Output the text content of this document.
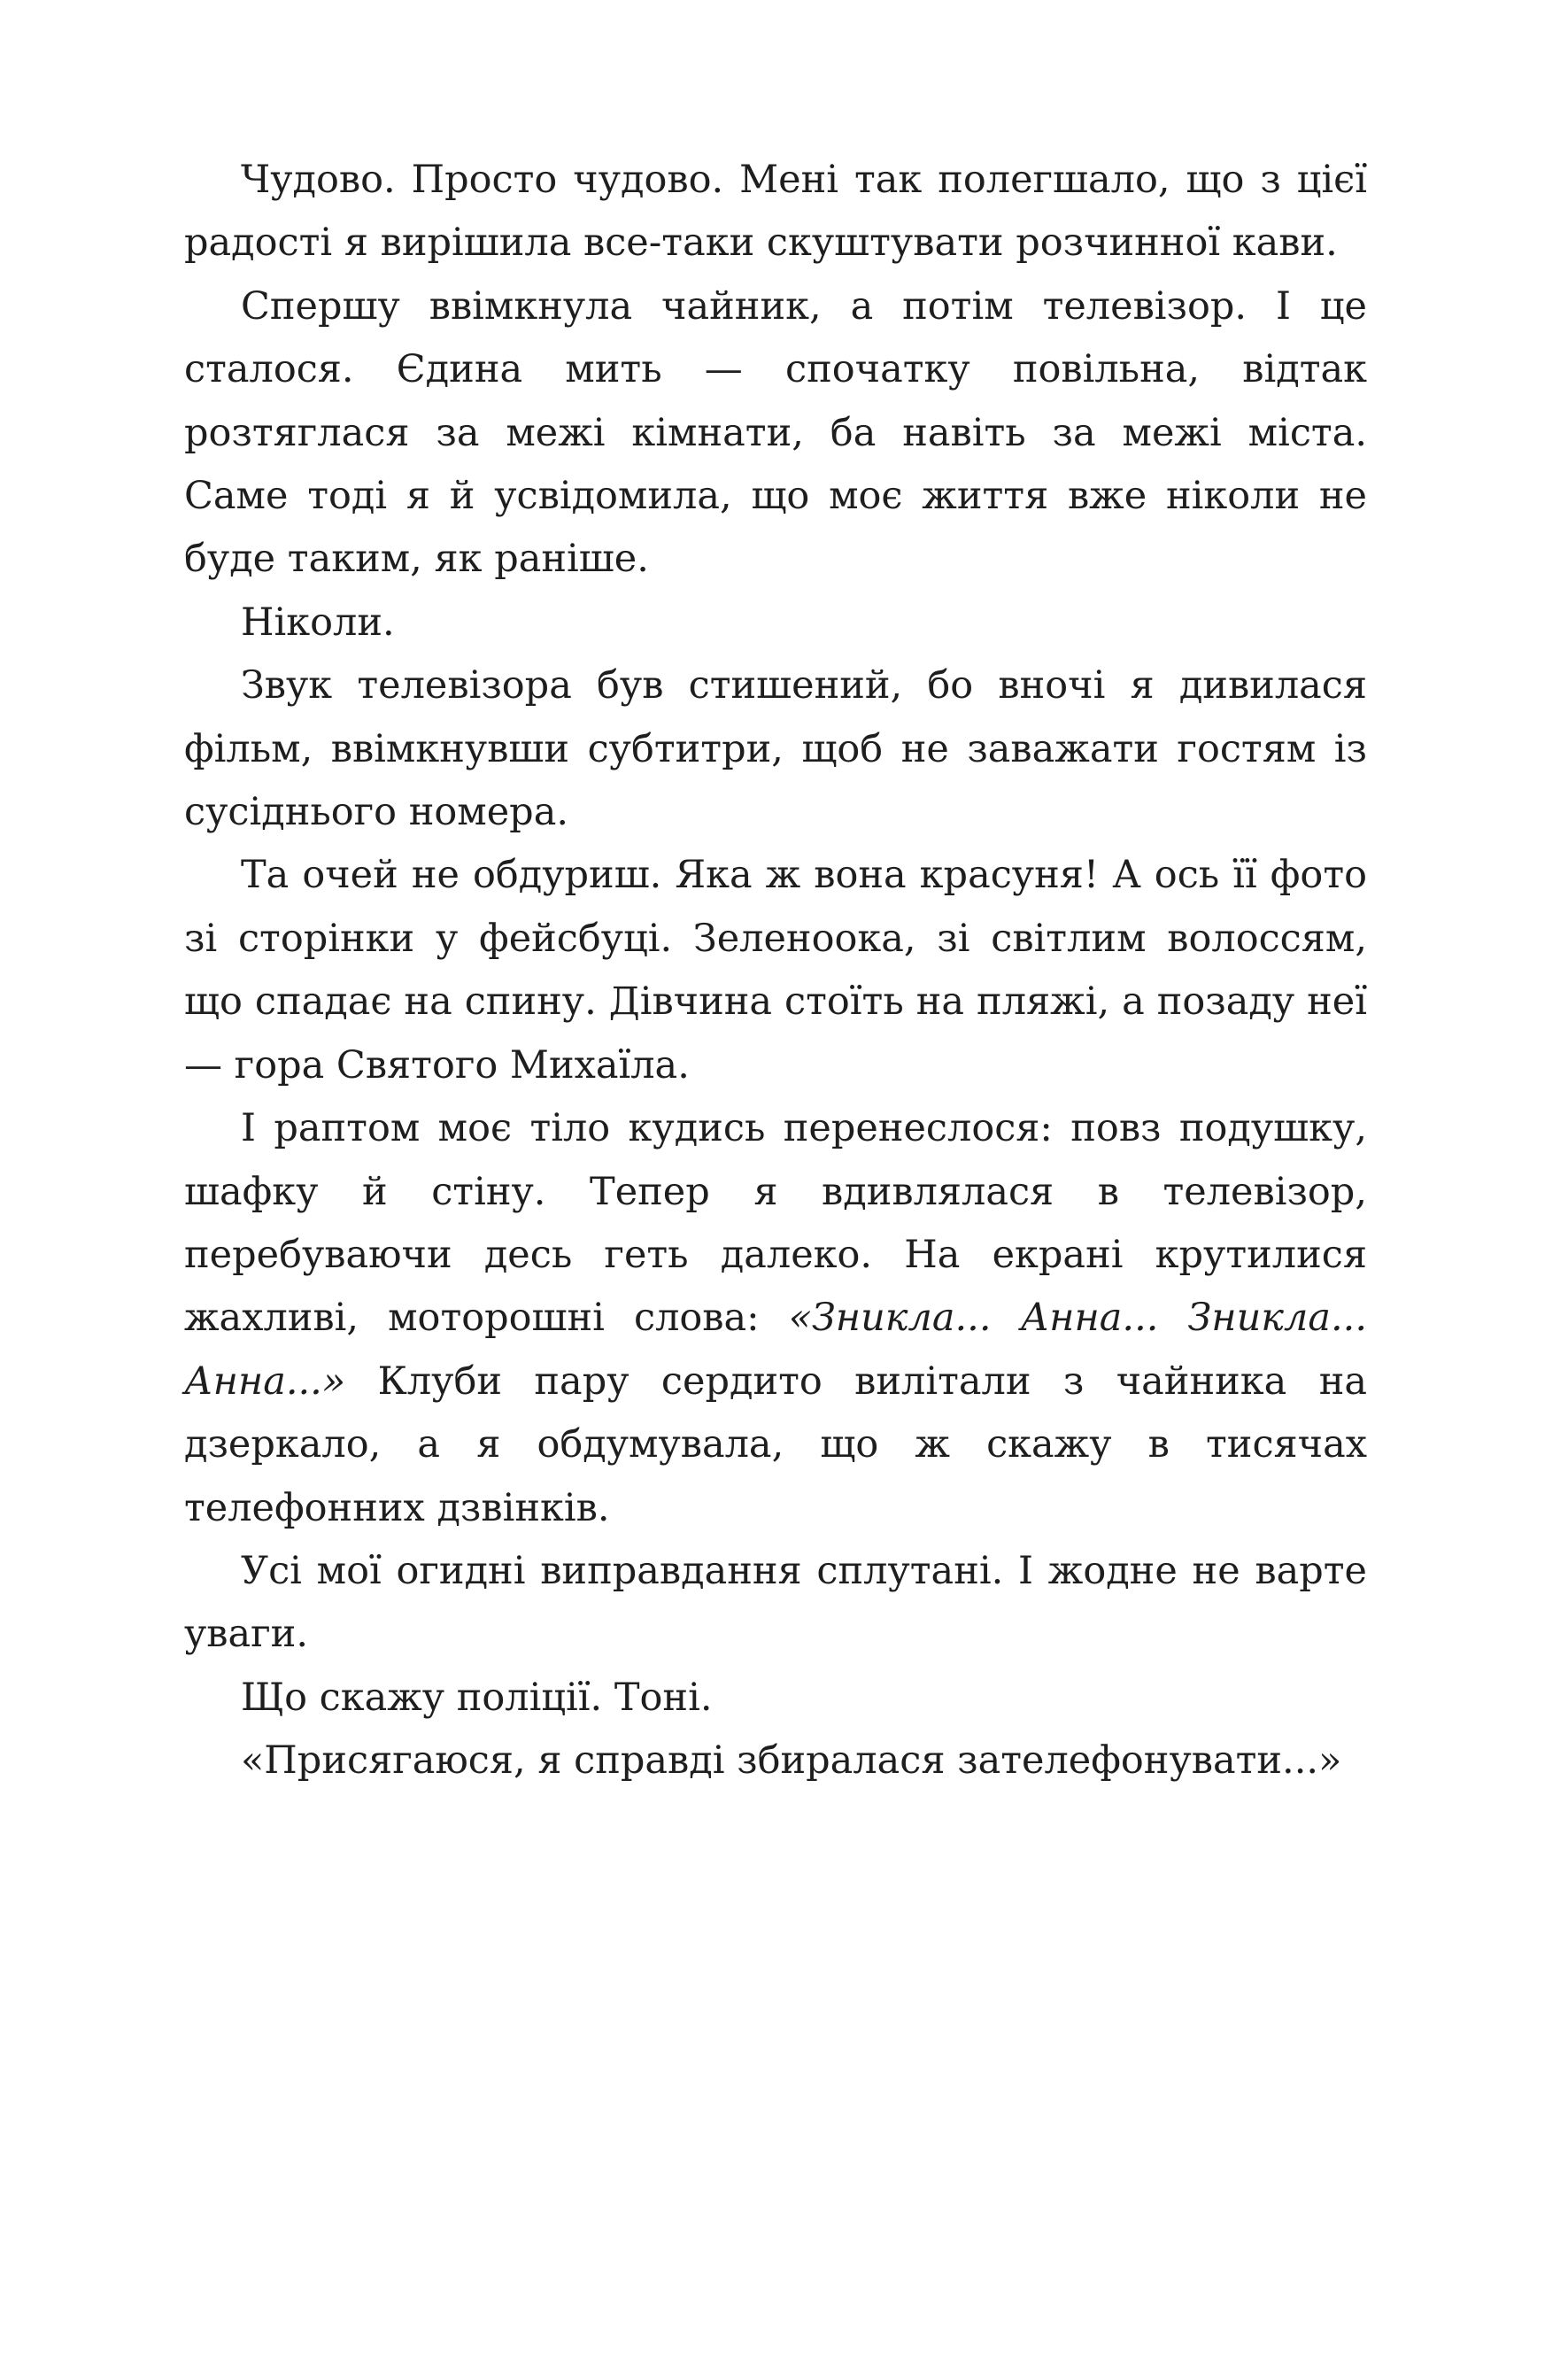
Чудово. Просто чудово. Мені так полегшало, що з цієї радості я вирішила все-таки скуштувати розчинної кави.

Спершу ввімкнула чайник, а потім телевізор. І це сталося. Єдина мить — спочатку повільна, відтак розтяглася за межі кімнати, ба навіть за межі міста. Саме тоді я й усвідомила, що моє життя вже ніколи не буде таким, як раніше.

Ніколи.

Звук телевізора був стишений, бо вночі я дивилася фільм, ввімкнувши субтитри, щоб не заважати гостям із сусіднього номера.

Та очей не обдуриш. Яка ж вона красуня! А ось її фото зі сторінки у фейсбуці. Зеленоока, зі світлим волоссям, що спадає на спину. Дівчина стоїть на пляжі, а позаду неї — гора Святого Михаїла.

І раптом моє тіло кудись перенеслося: повз подушку, шафку й стіну. Тепер я вдивлялася в телевізор, перебуваючи десь геть далеко. На екрані крутилися жахливі, моторошні слова: «Зникла... Анна... Зникла... Анна...» Клуби пару сердито вилітали з чайника на дзеркало, а я обдумувала, що ж скажу в тисячах телефонних дзвінків.

Усі мої огидні виправдання сплутані. І жодне не варте уваги.

Що скажу поліції. Тоні.

«Присягаюся, я справді збиралася зателефонувати...»
